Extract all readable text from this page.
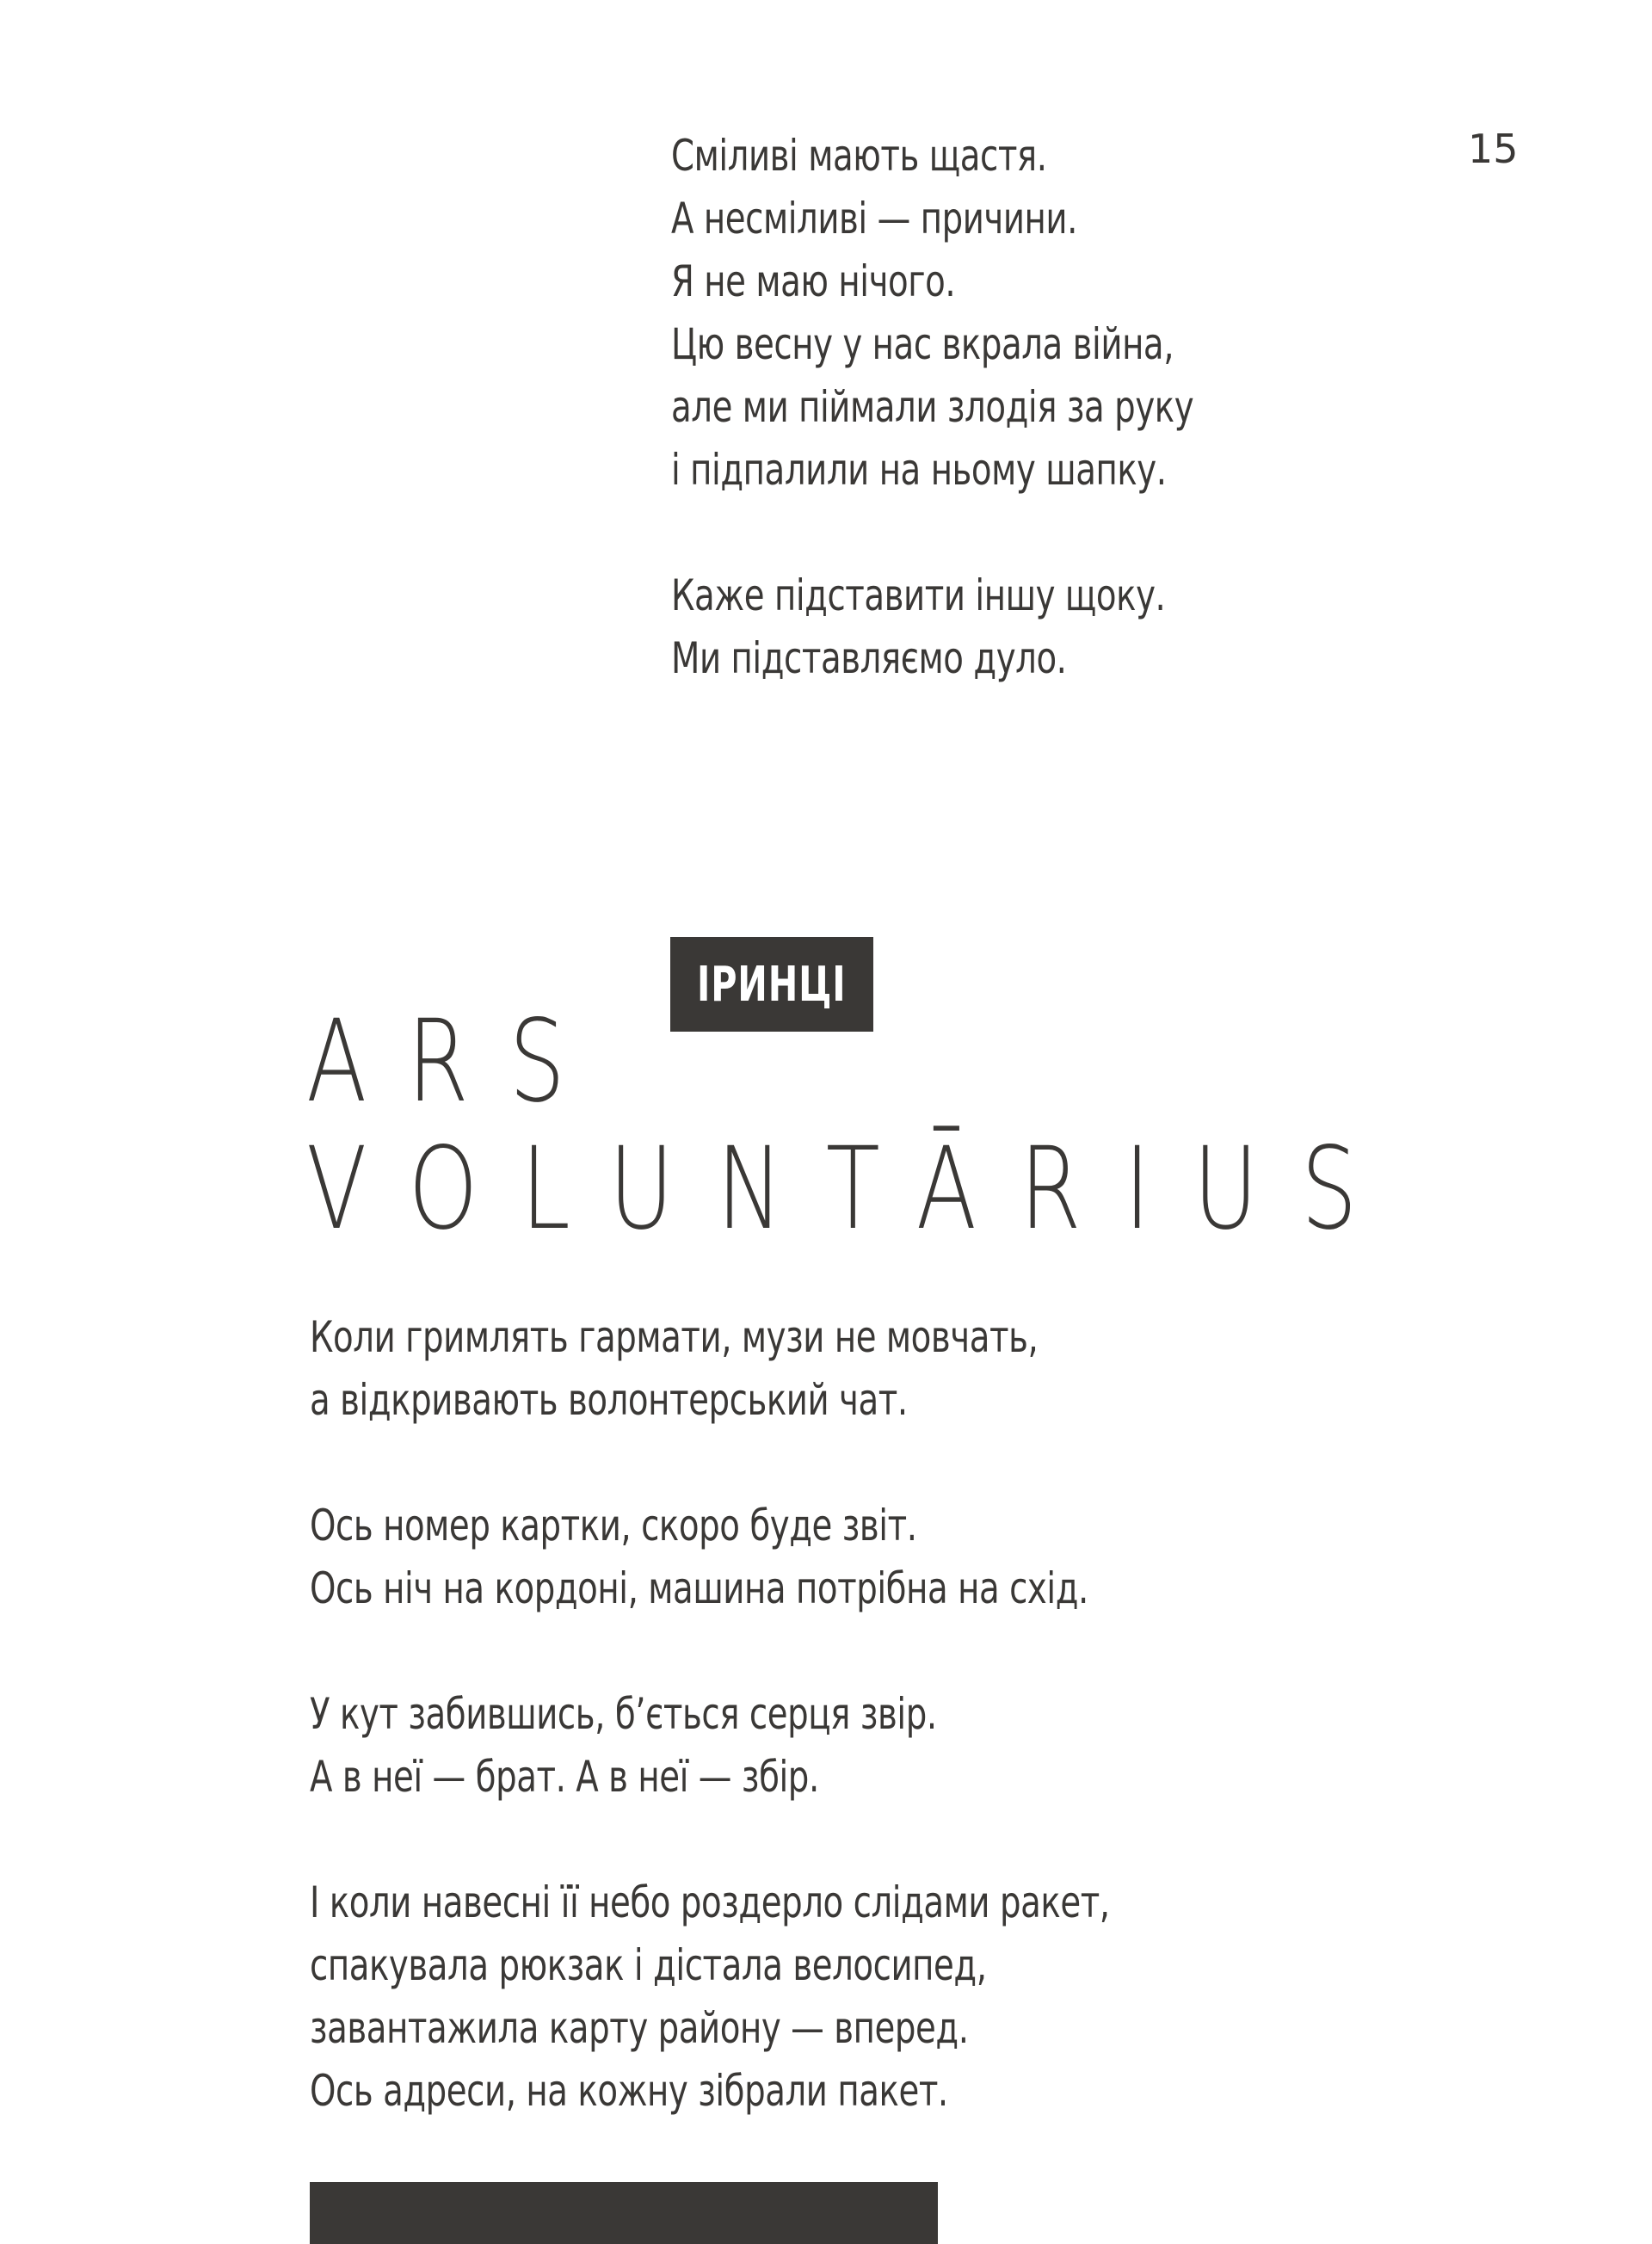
15
Сміливі мають щастя.
А несміливі — причини.
Я не маю нічого.
Цю весну у нас вкрала війна,
але ми піймали злодія за руку
і підпалили на ньому шапку.
Каже підставити іншу щоку.
Ми підставляємо дуло.
ІРИНЦІ
ARS
VOLUNTĀRIUS
Коли гримлять гармати, музи не мовчать,
а відкривають волонтерський чат.
Ось номер картки, скоро буде звіт.
Ось ніч на кордоні, машина потрібна на схід.
У кут забившись, б’ється серця звір.
А в неї — брат. А в неї — збір.
І коли навесні її небо роздерло слідами ракет,
спакувала рюкзак і дістала велосипед,
завантажила карту району — вперед.
Ось адреси, на кожну зібрали пакет.
